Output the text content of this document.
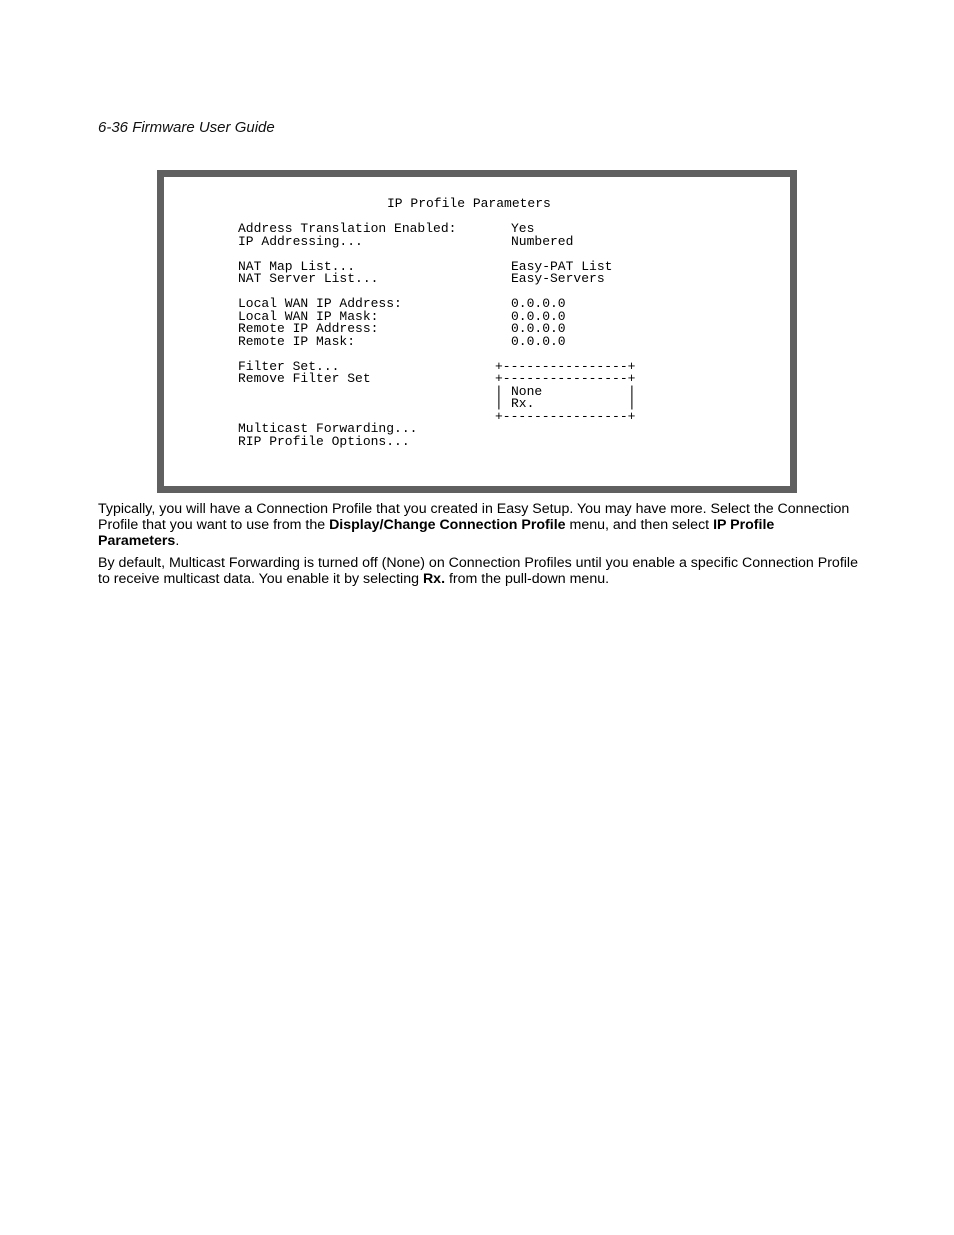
6-36 Firmware User Guide
IP Profile Parameters
Address Translation Enabled:	Yes
IP Addressing...	Numbered
NAT Map List...	Easy-PAT List
NAT Server List...	Easy-Servers
Local WAN IP Address:	0.0.0.0
Local WAN IP Mask:	0.0.0.0
Remote IP Address:	0.0.0.0
Remote IP Mask:	0.0.0.0
Filter Set...
Remove Filter Set
+----------------+
+----------------+
| None	|
| Rx.	|
+----------------+
Multicast Forwarding...
RIP Profile Options...
Typically, you will have a Connection Profile that you created in Easy Setup. You may have more. Select the Connection Profile that you want to use from the Display/Change Connection Profile menu, and then select IP Profile Parameters.
By default, Multicast Forwarding is turned off (None) on Connection Profiles until you enable a specific Connection Profile to receive multicast data. You enable it by selecting Rx. from the pull-down menu.
